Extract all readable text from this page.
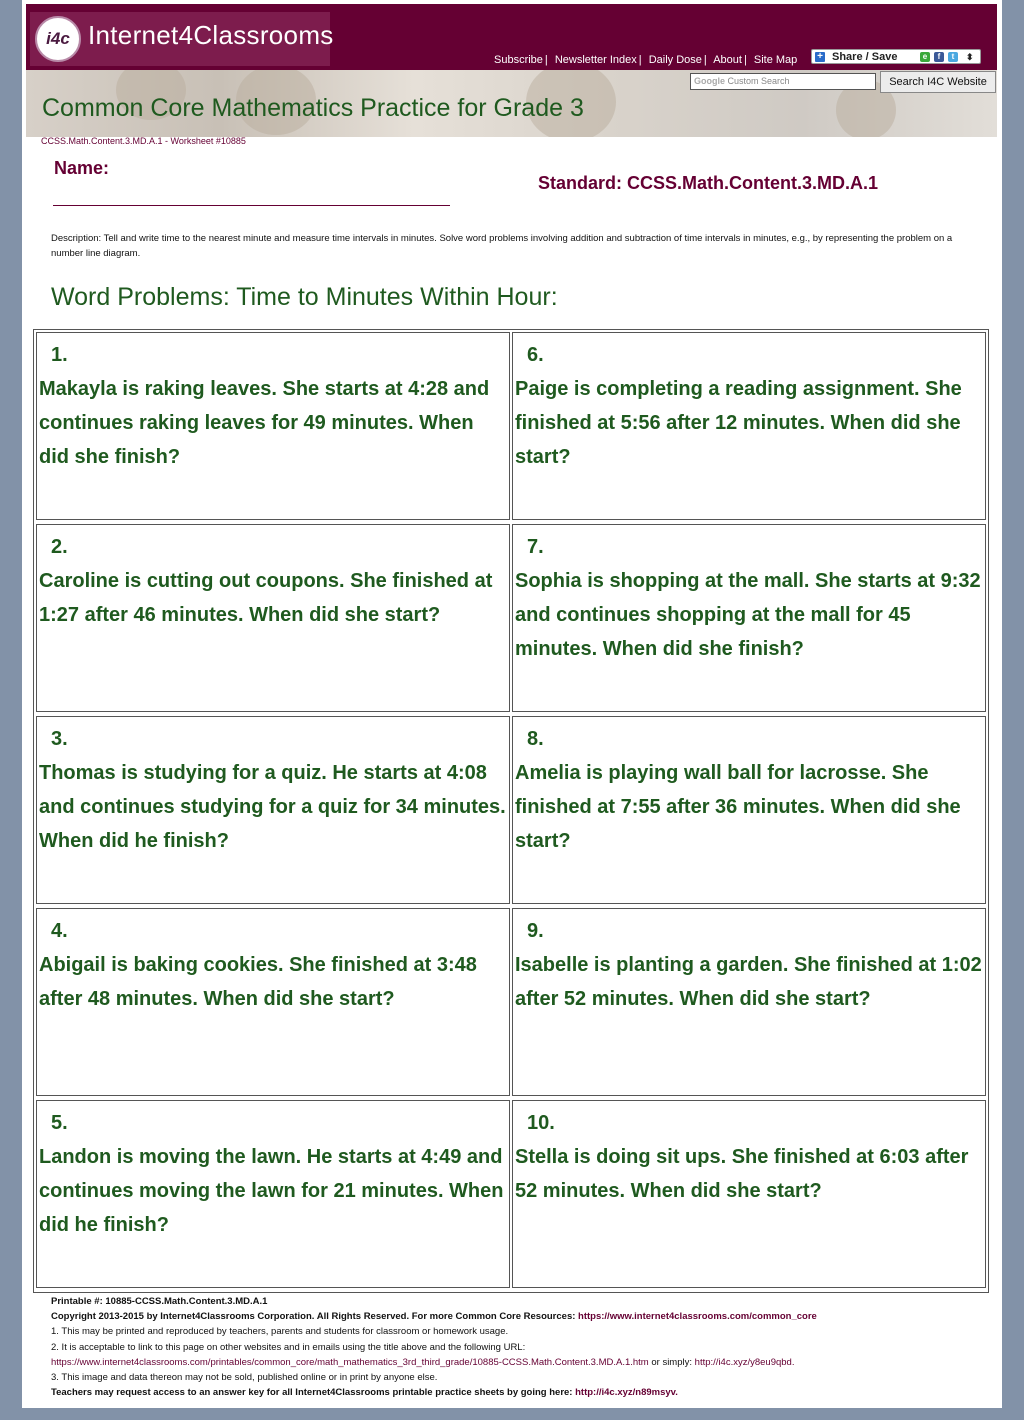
i4c Internet4Classrooms
Subscribe | Newsletter Index | Daily Dose | About | Site Map + Share / Save	e	f	t	⬍
Common Core Mathematics Practice for Grade 3
Google Custom Search	Search I4C Website
CCSS.Math.Content.3.MD.A.1 - Worksheet #10885
Name:
Standard: CCSS.Math.Content.3.MD.A.1
Description: Tell and write time to the nearest minute and measure time intervals in minutes. Solve word problems involving addition and subtraction of time intervals in minutes, e.g., by representing the problem on a number line diagram.
Word Problems: Time to Minutes Within Hour:
1.
Makayla is raking leaves. She starts at 4:28 and continues raking leaves for 49 minutes. When did she finish?
2.
Caroline is cutting out coupons. She finished at 1:27 after 46 minutes. When did she start?
3.
Thomas is studying for a quiz. He starts at 4:08 and continues studying for a quiz for 34 minutes. When did he finish?
4.
Abigail is baking cookies. She finished at 3:48 after 48 minutes. When did she start?
5.
Landon is moving the lawn. He starts at 4:49 and continues moving the lawn for 21 minutes. When did he finish?
6.
Paige is completing a reading assignment. She finished at 5:56 after 12 minutes. When did she start?
7.
Sophia is shopping at the mall. She starts at 9:32 and continues shopping at the mall for 45 minutes. When did she finish?
8.
Amelia is playing wall ball for lacrosse. She finished at 7:55 after 36 minutes. When did she start?
9.
Isabelle is planting a garden. She finished at 1:02 after 52 minutes. When did she start?
10.
Stella is doing sit ups. She finished at 6:03 after 52 minutes. When did she start?
Printable #: 10885-CCSS.Math.Content.3.MD.A.1
Copyright 2013-2015 by Internet4Classrooms Corporation. All Rights Reserved. For more Common Core Resources: https://www.internet4classrooms.com/common_core
1. This may be printed and reproduced by teachers, parents and students for classroom or homework usage.
2. It is acceptable to link to this page on other websites and in emails using the title above and the following URL:
https://www.internet4classrooms.com/printables/common_core/math_mathematics_3rd_third_grade/10885-CCSS.Math.Content.3.MD.A.1.htm or simply: http://i4c.xyz/y8eu9qbd.
3. This image and data thereon may not be sold, published online or in print by anyone else.
Teachers may request access to an answer key for all Internet4Classrooms printable practice sheets by going here: http://i4c.xyz/n89msyv.
